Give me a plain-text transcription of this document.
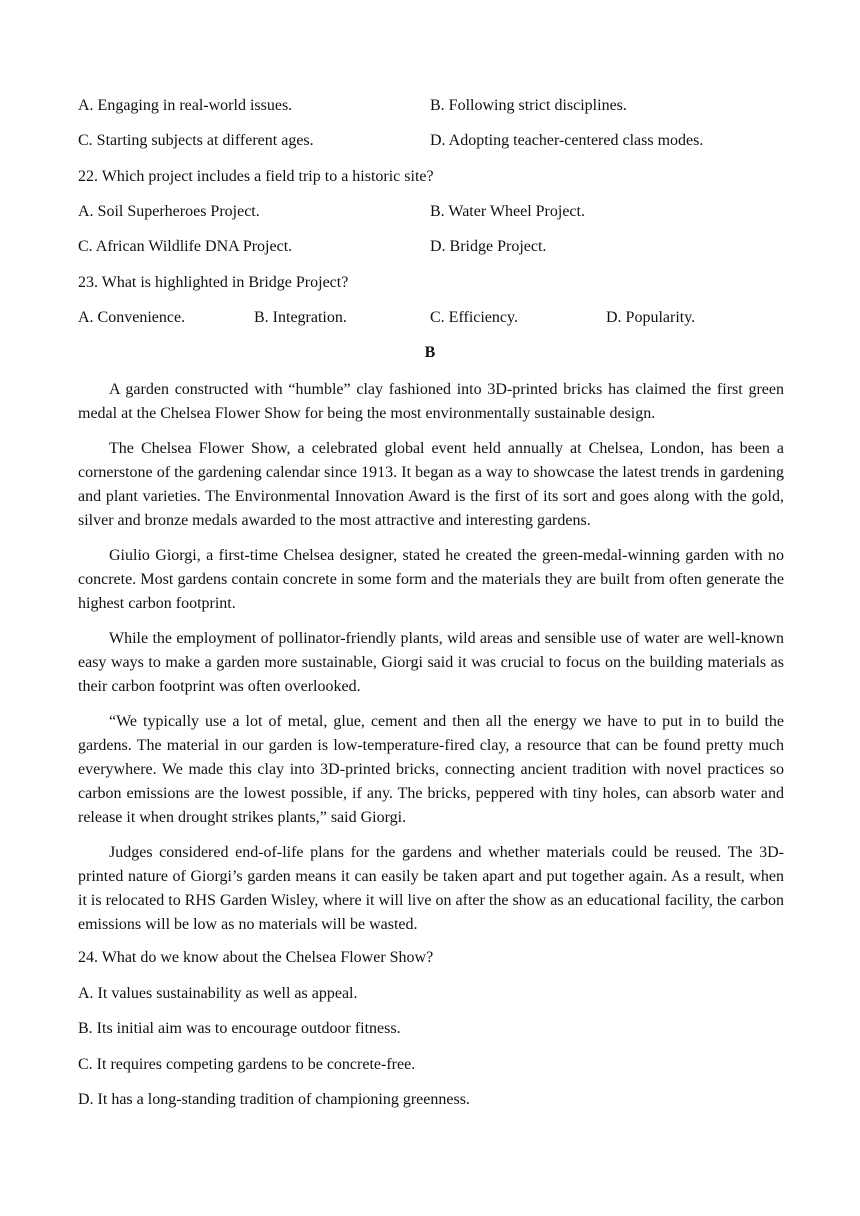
A. Engaging in real-world issues.	B. Following strict disciplines.
C. Starting subjects at different ages.	D. Adopting teacher-centered class modes.
22. Which project includes a field trip to a historic site?
A. Soil Superheroes Project.	B. Water Wheel Project.
C. African Wildlife DNA Project.	D. Bridge Project.
23. What is highlighted in Bridge Project?
A. Convenience.	B. Integration.	C. Efficiency.	D. Popularity.
B

A garden constructed with “humble” clay fashioned into 3D-printed bricks has claimed the first green medal at the Chelsea Flower Show for being the most environmentally sustainable design.

The Chelsea Flower Show, a celebrated global event held annually at Chelsea, London, has been a cornerstone of the gardening calendar since 1913. It began as a way to showcase the latest trends in gardening and plant varieties. The Environmental Innovation Award is the first of its sort and goes along with the gold, silver and bronze medals awarded to the most attractive and interesting gardens.

Giulio Giorgi, a first-time Chelsea designer, stated he created the green-medal-winning garden with no concrete. Most gardens contain concrete in some form and the materials they are built from often generate the highest carbon footprint.

While the employment of pollinator-friendly plants, wild areas and sensible use of water are well-known easy ways to make a garden more sustainable, Giorgi said it was crucial to focus on the building materials as their carbon footprint was often overlooked.

“We typically use a lot of metal, glue, cement and then all the energy we have to put in to build the gardens. The material in our garden is low-temperature-fired clay, a resource that can be found pretty much everywhere. We made this clay into 3D-printed bricks, connecting ancient tradition with novel practices so carbon emissions are the lowest possible, if any. The bricks, peppered with tiny holes, can absorb water and release it when drought strikes plants,” said Giorgi.

Judges considered end-of-life plans for the gardens and whether materials could be reused. The 3D-printed nature of Giorgi’s garden means it can easily be taken apart and put together again. As a result, when it is relocated to RHS Garden Wisley, where it will live on after the show as an educational facility, the carbon emissions will be low as no materials will be wasted.

24. What do we know about the Chelsea Flower Show?
A. It values sustainability as well as appeal.
B. Its initial aim was to encourage outdoor fitness.
C. It requires competing gardens to be concrete-free.
D. It has a long-standing tradition of championing greenness.
